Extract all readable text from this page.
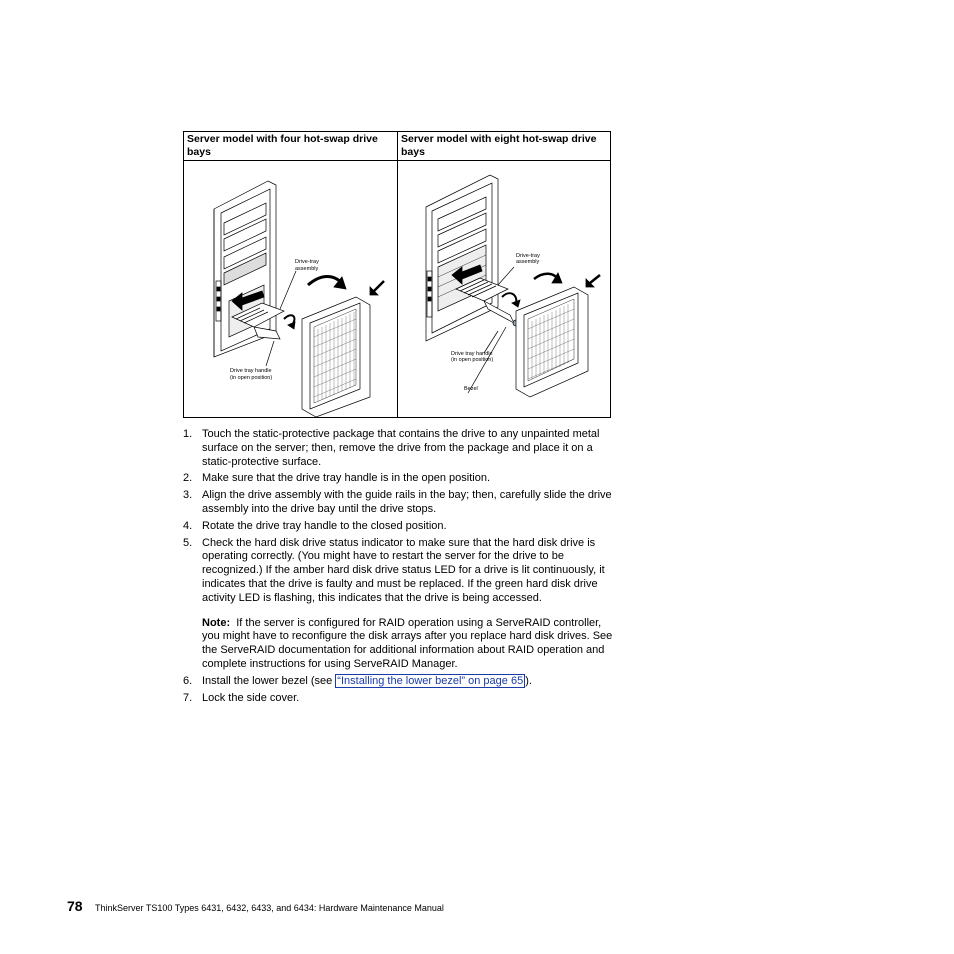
Server model with four hot-swap drive bays
Server model with eight hot-swap drive bays
Drive-tray
assembly
Drive tray handle
(in open position)
Drive-tray
assembly
Drive tray handle
(in open position)
Bezel
1. Touch the static-protective package that contains the drive to any unpainted metal surface on the server; then, remove the drive from the package and place it on a static-protective surface.
2. Make sure that the drive tray handle is in the open position.
3. Align the drive assembly with the guide rails in the bay; then, carefully slide the drive assembly into the drive bay until the drive stops.
4. Rotate the drive tray handle to the closed position.
5. Check the hard disk drive status indicator to make sure that the hard disk drive is operating correctly. (You might have to restart the server for the drive to be recognized.) If the amber hard disk drive status LED for a drive is lit continuously, it indicates that the drive is faulty and must be replaced. If the green hard disk drive activity LED is flashing, this indicates that the drive is being accessed.
Note: If the server is configured for RAID operation using a ServeRAID controller, you might have to reconfigure the disk arrays after you replace hard disk drives. See the ServeRAID documentation for additional information about RAID operation and complete instructions for using ServeRAID Manager.
6. Install the lower bezel (see “Installing the lower bezel” on page 65 ).
7. Lock the side cover.
78 ThinkServer TS100 Types 6431, 6432, 6433, and 6434: Hardware Maintenance Manual
